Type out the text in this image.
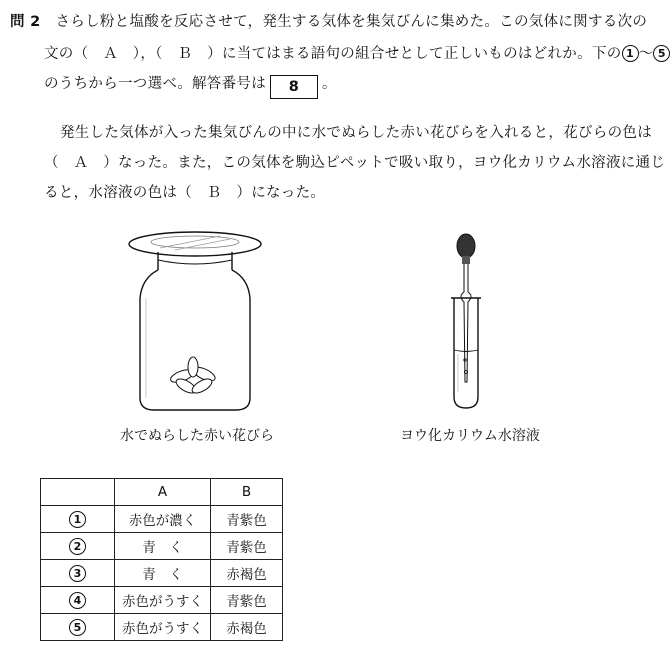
問 2 さらし粉と塩酸を反応させて，発生する気体を集気びんに集めた。この気体に関する次の
文の（　Ａ　），（　Ｂ　）に当てはまる語句の組合せとして正しいものはどれか。下の 1 ～ 5
のうちから一つ選べ。解答番号は 8 。
発生した気体が入った集気びんの中に水でぬらした赤い花びらを入れると，花びらの色は
（　Ａ　）なった。また，この気体を駒込ピペットで吸い取り，ヨウ化カリウム水溶液に通じ
ると，水溶液の色は（　Ｂ　）になった。
水でぬらした赤い花びら	ヨウ化カリウム水溶液
	A	B
1	赤色が濃く	青紫色
2	青　く	青紫色
3	青　く	赤褐色
4	赤色がうすく	青紫色
5	赤色がうすく	赤褐色
